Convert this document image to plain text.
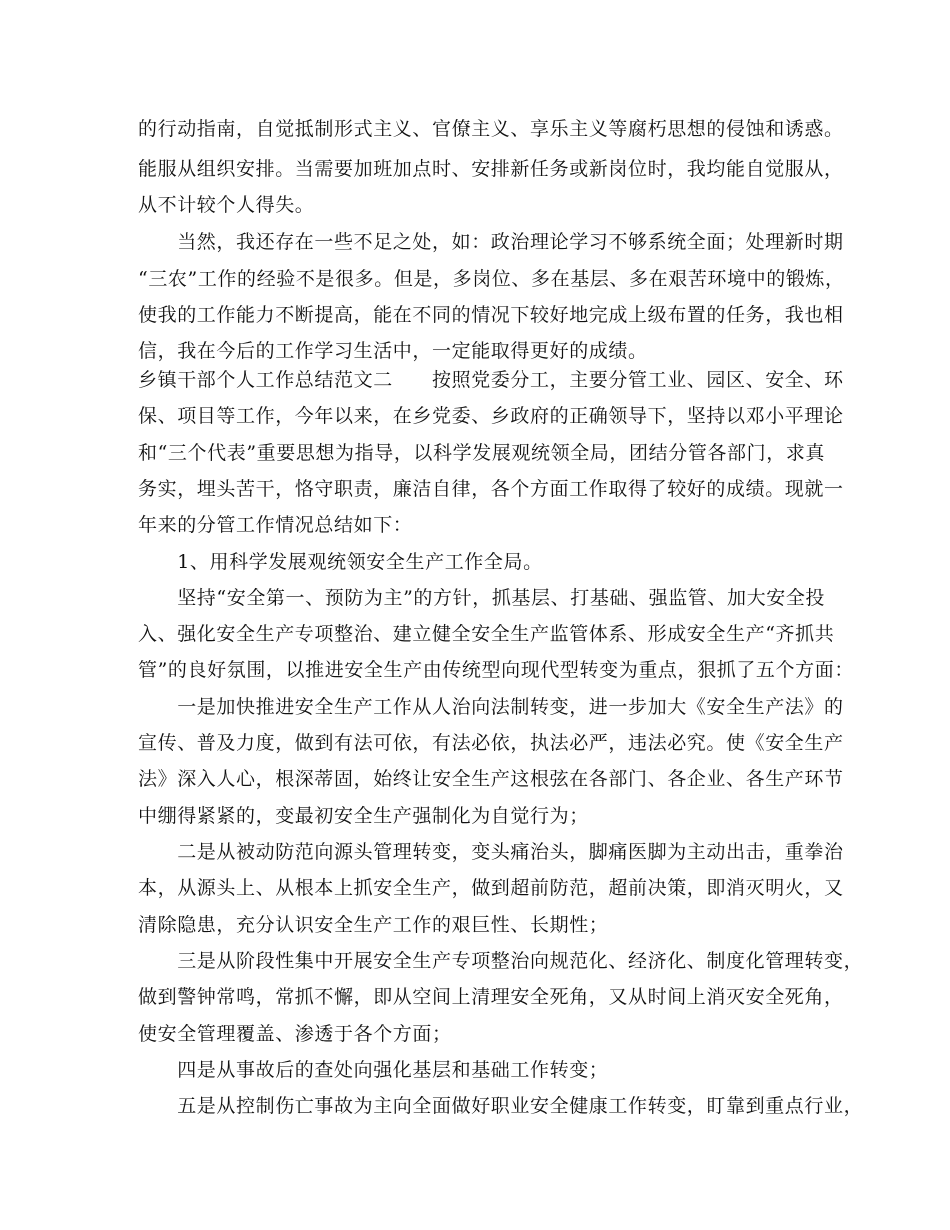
的行动指南，自觉抵制形式主义、官僚主义、享乐主义等腐朽思想的侵蚀和诱惑。
能服从组织安排。当需要加班加点时、安排新任务或新岗位时，我均能自觉服从，
从不计较个人得失。
　　当然，我还存在一些不足之处，如：政治理论学习不够系统全面；处理新时期
“三农”工作的经验不是很多。但是，多岗位、多在基层、多在艰苦环境中的锻炼，
使我的工作能力不断提高，能在不同的情况下较好地完成上级布置的任务，我也相
信，我在今后的工作学习生活中，一定能取得更好的成绩。
乡镇干部个人工作总结范文二　　按照党委分工，主要分管工业、园区、安全、环
保、项目等工作，今年以来，在乡党委、乡政府的正确领导下，坚持以邓小平理论
和“三个代表”重要思想为指导，以科学发展观统领全局，团结分管各部门，求真
务实，埋头苦干，恪守职责，廉洁自律，各个方面工作取得了较好的成绩。现就一
年来的分管工作情况总结如下：
　　1、用科学发展观统领安全生产工作全局。
　　坚持“安全第一、预防为主”的方针，抓基层、打基础、强监管、加大安全投
入、强化安全生产专项整治、建立健全安全生产监管体系、形成安全生产“齐抓共
管”的良好氛围，以推进安全生产由传统型向现代型转变为重点，狠抓了五个方面：
　　一是加快推进安全生产工作从人治向法制转变，进一步加大《安全生产法》的
宣传、普及力度，做到有法可依，有法必依，执法必严，违法必究。使《安全生产
法》深入人心，根深蒂固，始终让安全生产这根弦在各部门、各企业、各生产环节
中绷得紧紧的，变最初安全生产强制化为自觉行为；
　　二是从被动防范向源头管理转变，变头痛治头，脚痛医脚为主动出击，重拳治
本，从源头上、从根本上抓安全生产，做到超前防范，超前决策，即消灭明火，又
清除隐患，充分认识安全生产工作的艰巨性、长期性；
　　三是从阶段性集中开展安全生产专项整治向规范化、经济化、制度化管理转变，
做到警钟常鸣，常抓不懈，即从空间上清理安全死角，又从时间上消灭安全死角，
使安全管理覆盖、渗透于各个方面；
　　四是从事故后的查处向强化基层和基础工作转变；
　　五是从控制伤亡事故为主向全面做好职业安全健康工作转变，盯靠到重点行业，
